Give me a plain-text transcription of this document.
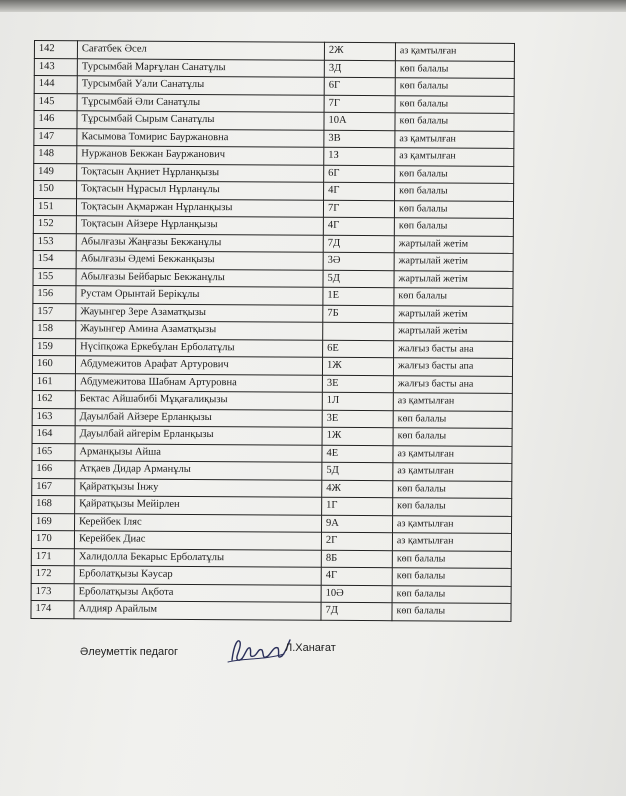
142	Сағатбек Әсел	2Ж	аз қамтылған
143	Турсымбай Марғұлан Санатұлы	3Д	көп балалы
144	Турсымбай Уали Санатұлы	6Г	көп балалы
145	Тұрсымбай Әли Санатұлы	7Г	көп балалы
146	Тұрсымбай Сырым Санатұлы	10А	көп балалы
147	Касымова Томирис Бауржановна	3В	аз қамтылған
148	Нуржанов Бекжан Бауржанович	1З	аз қамтылған
149	Тоқтасын Ақниет Нұрланқызы	6Г	көп балалы
150	Тоқтасын Нұрасыл Нұрланұлы	4Г	көп балалы
151	Тоқтасын Ақмаржан Нұрланқызы	7Г	көп балалы
152	Тоқтасын Айзере Нұрланқызы	4Г	көп балалы
153	Абылғазы Жаңғазы Бекжанұлы	7Д	жартылай жетім
154	Абылғазы Әдемі Бекжанқызы	3Ә	жартылай жетім
155	Абылғазы Бейбарыс Бекжанұлы	5Д	жартылай жетім
156	Рустам Орынтай Берікұлы	1Е	көп балалы
157	Жауынгер Зере Азаматқызы	7Б	жартылай жетім
158	Жауынгер Амина Азаматқызы		жартылай жетім
159	Нүсіпқожа Еркебұлан Ерболатұлы	6Е	жалғыз басты ана
160	Абдумежитов Арафат Артурович	1Ж	жалғыз басты апа
161	Абдумежитова Шабнам Артуровна	3Е	жалғыз басты ана
162	Бектас Айшабибі Мұқағалиқызы	1Л	аз қамтылған
163	Дауылбай Айзере Ерланқызы	3Е	көп балалы
164	Дауылбай айгерім Ерланқызы	1Ж	көп балалы
165	Арманқызы Айша	4Е	аз қамтылған
166	Атқаев Дидар Арманұлы	5Д	аз қамтылған
167	Қайратқызы Інжу	4Ж	көп балалы
168	Қайратқызы Мейірлен	1Г	көп балалы
169	Керейбек Іляс	9А	аз қамтылған
170	Керейбек Диас	2Г	аз қамтылған
171	Халидолла Бекарыс Ерболатұлы	8Б	көп балалы
172	Ерболатқызы Кәусар	4Г	көп балалы
173	Ерболатқызы Ақбота	10Ә	көп балалы
174	Алдияр Арайлым	7Д	көп балалы
Әлеуметтік педагог	Л.Ханағат
